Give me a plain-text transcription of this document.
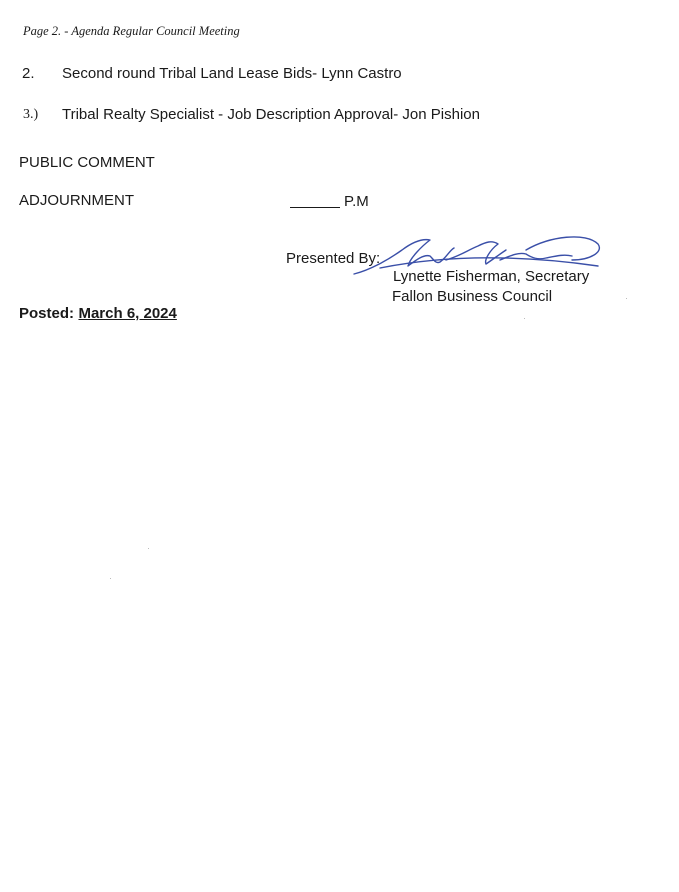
Page 2. - Agenda Regular Council Meeting
2. Second round Tribal Land Lease Bids- Lynn Castro
3.) Tribal Realty Specialist - Job Description Approval- Jon Pishion
PUBLIC COMMENT
ADJOURNMENT	P.M
Presented By:
Lynette Fisherman, Secretary
Fallon Business Council
Posted: March 6, 2024
